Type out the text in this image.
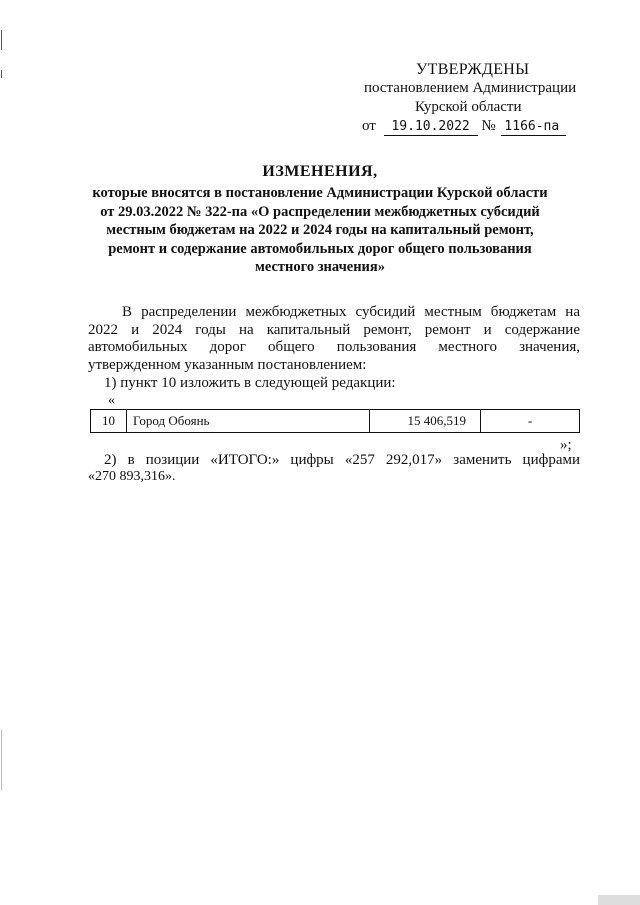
УТВЕРЖДЕНЫ
постановлением Администрации
Курской области
от 19.10.2022 № 1166-па
ИЗМЕНЕНИЯ,
которые вносятся в постановление Администрации Курской области
от 29.03.2022 № 322-па «О распределении межбюджетных субсидий
местным бюджетам на 2022 и 2024 годы на капитальный ремонт,
ремонт и содержание автомобильных дорог общего пользования
местного значения»
В распределении межбюджетных субсидий местным бюджетам на 2022 и 2024 годы на капитальный ремонт, ремонт и содержание автомобильных дорог общего пользования местного значения, утвержденном указанным постановлением:
1) пункт 10 изложить в следующей редакции:
«
10	Город Обоянь	15 406,519	-
»;
2) в позиции «ИТОГО:» цифры «257 292,017» заменить цифрами
«270 893,316».
